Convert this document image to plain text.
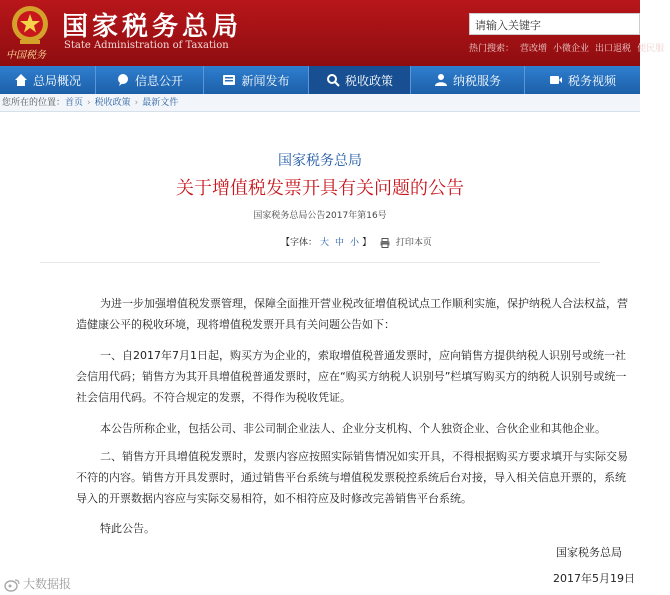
中国税务
国家税务总局
State Administration of Taxation
请输入关键字
热门搜索： 营改增 小微企业 出口退税 便民服
总局概况	信息公开	新闻发布	税收政策	纳税服务	税务视频
您所在的位置：首页 › 税收政策 › 最新文件
国家税务总局
关于增值税发票开具有关问题的公告
国家税务总局公告2017年第16号
【字体： 大 中 小 】	打印本页

为进一步加强增值税发票管理，保障全面推开营业税改征增值税试点工作顺利实施，保护纳税人合法权益，营造健康公平的税收环境，现将增值税发票开具有关问题公告如下：

一、自2017年7月1日起，购买方为企业的，索取增值税普通发票时，应向销售方提供纳税人识别号或统一社会信用代码；销售方为其开具增值税普通发票时，应在“购买方纳税人识别号”栏填写购买方的纳税人识别号或统一社会信用代码。不符合规定的发票，不得作为税收凭证。

本公告所称企业，包括公司、非公司制企业法人、企业分支机构、个人独资企业、合伙企业和其他企业。

二、销售方开具增值税发票时，发票内容应按照实际销售情况如实开具，不得根据购买方要求填开与实际交易不符的内容。销售方开具发票时，通过销售平台系统与增值税发票税控系统后台对接，导入相关信息开票的，系统导入的开票数据内容应与实际交易相符，如不相符应及时修改完善销售平台系统。

特此公告。

国家税务总局
2017年5月19日
大数据报
